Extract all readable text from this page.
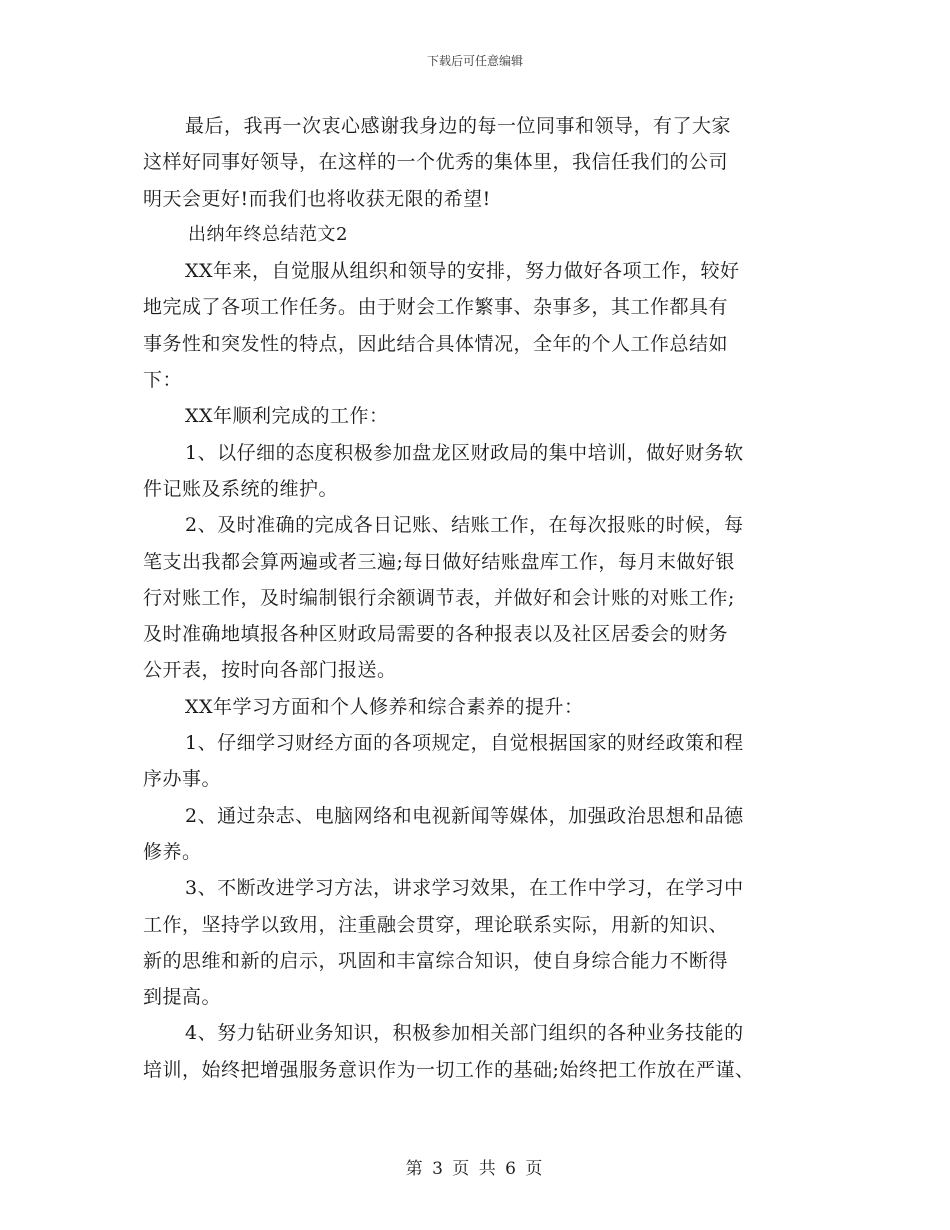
下载后可任意编辑
最后，我再一次衷心感谢我身边的每一位同事和领导，有了大家
这样好同事好领导，在这样的一个优秀的集体里，我信任我们的公司
明天会更好!而我们也将收获无限的希望!
出纳年终总结范文2
XX年来，自觉服从组织和领导的安排，努力做好各项工作，较好
地完成了各项工作任务。由于财会工作繁事、杂事多，其工作都具有
事务性和突发性的特点，因此结合具体情况，全年的个人工作总结如
下：
XX年顺利完成的工作：
1、以仔细的态度积极参加盘龙区财政局的集中培训，做好财务软
件记账及系统的维护。
2、及时准确的完成各日记账、结账工作，在每次报账的时候，每
笔支出我都会算两遍或者三遍;每日做好结账盘库工作，每月末做好银
行对账工作，及时编制银行余额调节表，并做好和会计账的对账工作;
及时准确地填报各种区财政局需要的各种报表以及社区居委会的财务
公开表，按时向各部门报送。
XX年学习方面和个人修养和综合素养的提升：
1、仔细学习财经方面的各项规定，自觉根据国家的财经政策和程
序办事。
2、通过杂志、电脑网络和电视新闻等媒体，加强政治思想和品德
修养。
3、不断改进学习方法，讲求学习效果，在工作中学习，在学习中
工作，坚持学以致用，注重融会贯穿，理论联系实际，用新的知识、
新的思维和新的启示，巩固和丰富综合知识，使自身综合能力不断得
到提高。
4、努力钻研业务知识，积极参加相关部门组织的各种业务技能的
培训，始终把增强服务意识作为一切工作的基础;始终把工作放在严谨、
第 3 页 共 6 页
